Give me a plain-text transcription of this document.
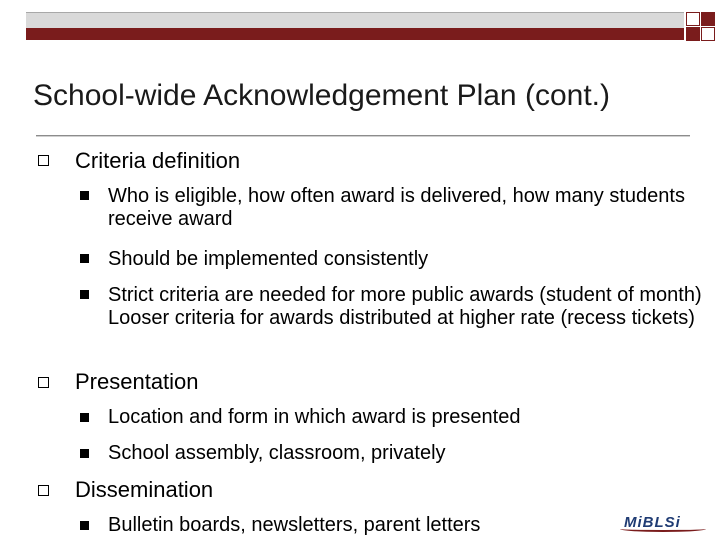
School-wide Acknowledgement Plan (cont.)
Criteria definition
Who is eligible, how often award is delivered, how many students receive award
Should be implemented consistently
Strict criteria are needed for more public awards (student of month) Looser criteria for awards distributed at higher rate (recess tickets)
Presentation
Location and form in which award is presented
School assembly, classroom, privately
Dissemination
Bulletin boards, newsletters, parent letters	MiBLSi
